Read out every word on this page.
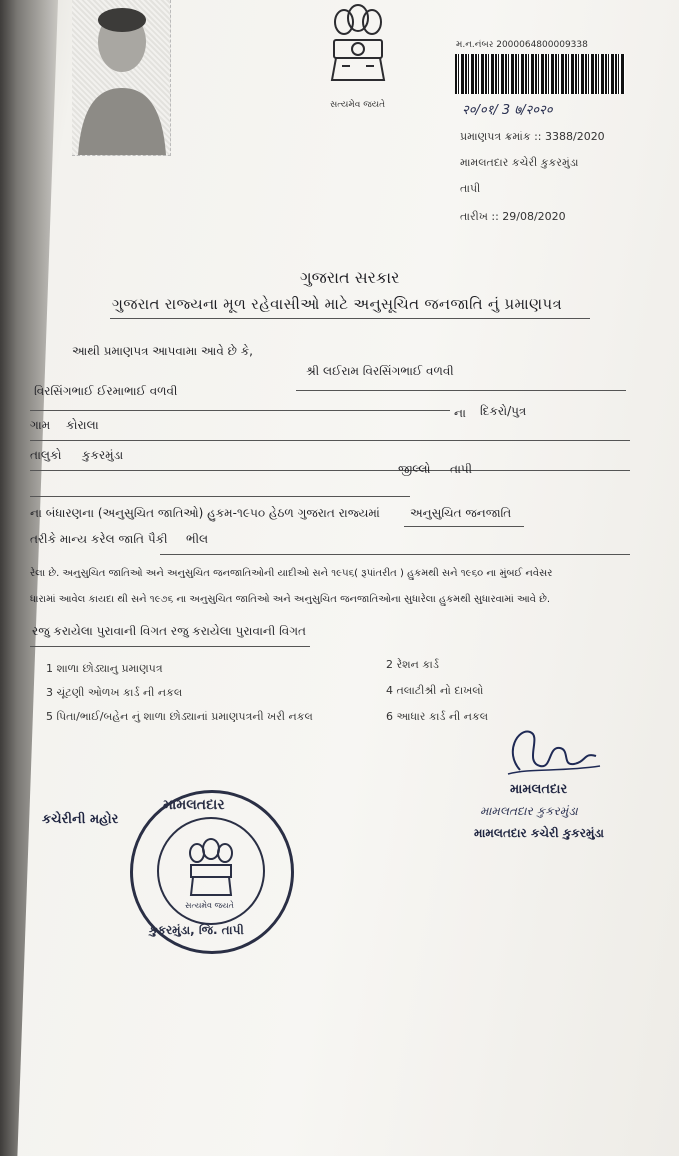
સત્યમેવ જયતે
મ.ન.નંબર 2000064800009338
२०/०१/ 3 ७/२०२०
પ્રમાણપત્ર ક્રમાંક :: 3388/2020
મામલતદાર કચેરી કુકરમુંડા
તાપી
તારીખ :: 29/08/2020
ગુજરાત સરકાર
ગુજરાત રાજ્યના મૂળ રહેવાસીઓ માટે અનુસૂચિત જનજાતિ નું પ્રમાણપત્ર
આથી પ્રમાણપત્ર આપવામા આવે છે કે,
શ્રી લઈરામ વિરસિંગભાઈ વળવી
વિરસિંગભાઈ ઈરમાભાઈ વળવી
ના દિકરો/પુત્ર
ગામ કોરાલા
તાલુકો કુકરમુંડા
જીલ્લો તાપી
ના બંધારણના (અનુસુચિત જાતિઓ) હુકમ-૧૯૫૦ હેઠળ ગુજરાત રાજ્યમાં	અનુસુચિત જનજાતિ
તરીકે માન્ય કરેલ જાતિ પૈકી ભીલ
રેલા છે. અનુસુચિત જાતિઓ અને અનુસુચિત જનજાતિઓની યાદીઓ સને ૧૯૫૬( રૂપાંતરીત ) હુકમથી સને ૧૯૬૦ ના મુંબઈ નવેસર
ધારામાં આવેલ કાયદા થી સને ૧૯૭૬ ના અનુસુચિત જાતિઓ અને અનુસુચિત જનજાતિઓના સુધારેલા હુકમથી સુધારવામાં આવે છે.
રજુ કરાયેલા પુરાવાની વિગત રજુ કરાયેલા પુરાવાની વિગત
1 શાળા છોડ્યાનુ પ્રમાણપત્ર	2 રેશન કાર્ડ
3 ચૂંટણી ઓળખ કાર્ડ ની નકલ	4 તલાટીશ્રી નો દાખલો
5 પિતા/ભાઈ/બહેન નું શાળા છોડ્યાનાં પ્રમાણપત્રની ખરી નકલ	6 આધાર કાર્ડ ની નકલ
મામલતદાર
મામલતદાર કુકરમુંડા
મામલતદાર કચેરી કુકરમુંડા
કચેરીની મહોર
મામલતદાર
સત્યમેવ જયતે
કુકરમુંડા, જિ. તાપી
